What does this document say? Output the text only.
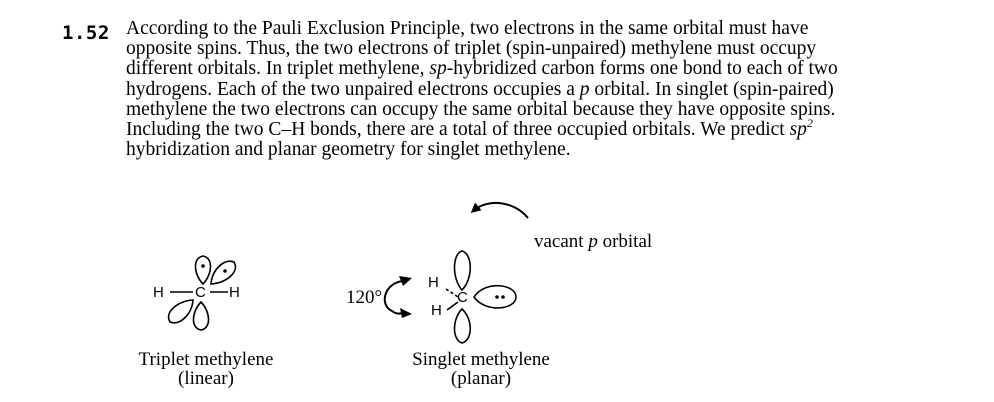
1.52 According to the Pauli Exclusion Principle, two electrons in the same orbital must have
opposite spins. Thus, the two electrons of triplet (spin-unpaired) methylene must occupy
different orbitals. In triplet methylene, sp-hybridized carbon forms one bond to each of two
hydrogens. Each of the two unpaired electrons occupies a p orbital. In singlet (spin-paired)
methylene the two electrons can occupy the same orbital because they have opposite spins.
Including the two C–H bonds, there are a total of three occupied orbitals. We predict $sp^2$
hybridization and planar geometry for singlet methylene.
H C H
H
C
H
vacant p orbital
120°
Triplet methylene
(linear)
Singlet methylene
(planar)
